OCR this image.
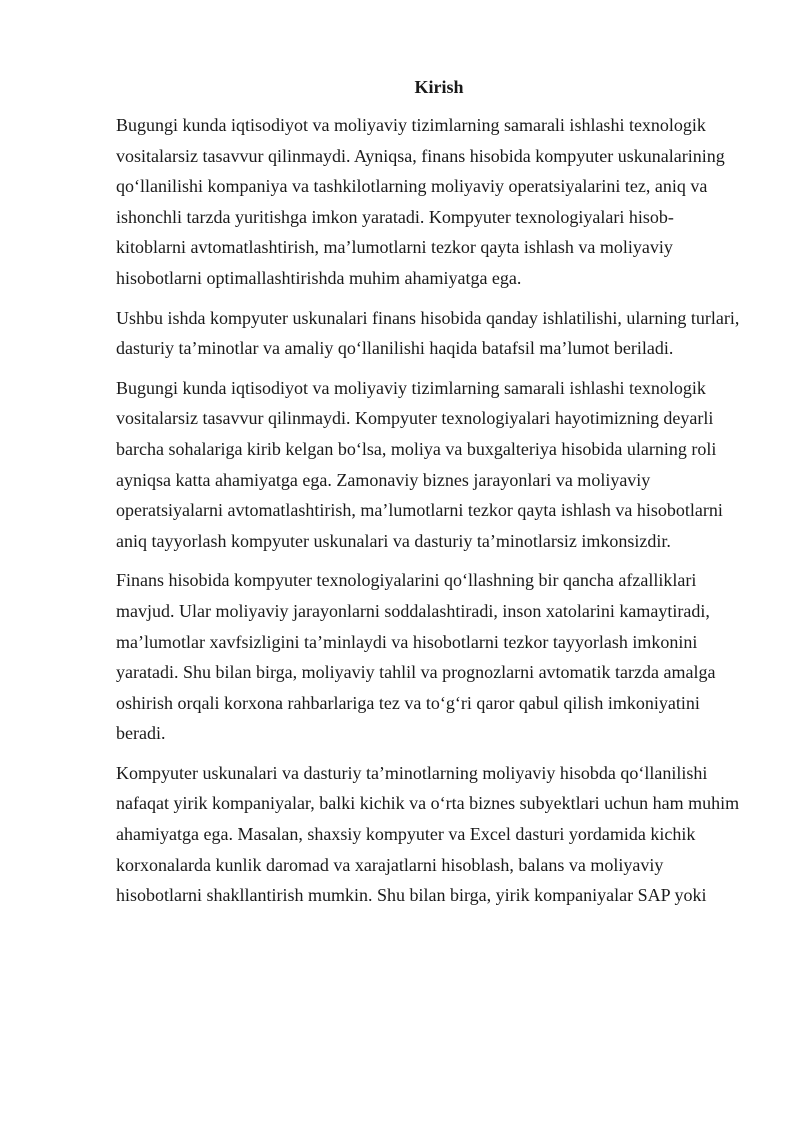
Kirish

Bugungi kunda iqtisodiyot va moliyaviy tizimlarning samarali ishlashi texnologik vositalarsiz tasavvur qilinmaydi. Ayniqsa, finans hisobida kompyuter uskunalarining qo‘llanilishi kompaniya va tashkilotlarning moliyaviy operatsiyalarini tez, aniq va ishonchli tarzda yuritishga imkon yaratadi. Kompyuter texnologiyalari hisob-kitoblarni avtomatlashtirish, ma’lumotlarni tezkor qayta ishlash va moliyaviy hisobotlarni optimallashtirishda muhim ahamiyatga ega.

Ushbu ishda kompyuter uskunalari finans hisobida qanday ishlatilishi, ularning turlari, dasturiy ta’minotlar va amaliy qo‘llanilishi haqida batafsil ma’lumot beriladi.

Bugungi kunda iqtisodiyot va moliyaviy tizimlarning samarali ishlashi texnologik vositalarsiz tasavvur qilinmaydi. Kompyuter texnologiyalari hayotimizning deyarli barcha sohalariga kirib kelgan bo‘lsa, moliya va buxgalteriya hisobida ularning roli ayniqsa katta ahamiyatga ega. Zamonaviy biznes jarayonlari va moliyaviy operatsiyalarni avtomatlashtirish, ma’lumotlarni tezkor qayta ishlash va hisobotlarni aniq tayyorlash kompyuter uskunalari va dasturiy ta’minotlarsiz imkonsizdir.

Finans hisobida kompyuter texnologiyalarini qo‘llashning bir qancha afzalliklari mavjud. Ular moliyaviy jarayonlarni soddalashtiradi, inson xatolarini kamaytiradi, ma’lumotlar xavfsizligini ta’minlaydi va hisobotlarni tezkor tayyorlash imkonini yaratadi. Shu bilan birga, moliyaviy tahlil va prognozlarni avtomatik tarzda amalga oshirish orqali korxona rahbarlariga tez va to‘g‘ri qaror qabul qilish imkoniyatini beradi.

Kompyuter uskunalari va dasturiy ta’minotlarning moliyaviy hisobda qo‘llanilishi nafaqat yirik kompaniyalar, balki kichik va o‘rta biznes subyektlari uchun ham muhim ahamiyatga ega. Masalan, shaxsiy kompyuter va Excel dasturi yordamida kichik korxonalarda kunlik daromad va xarajatlarni hisoblash, balans va moliyaviy hisobotlarni shakllantirish mumkin. Shu bilan birga, yirik kompaniyalar SAP yoki
